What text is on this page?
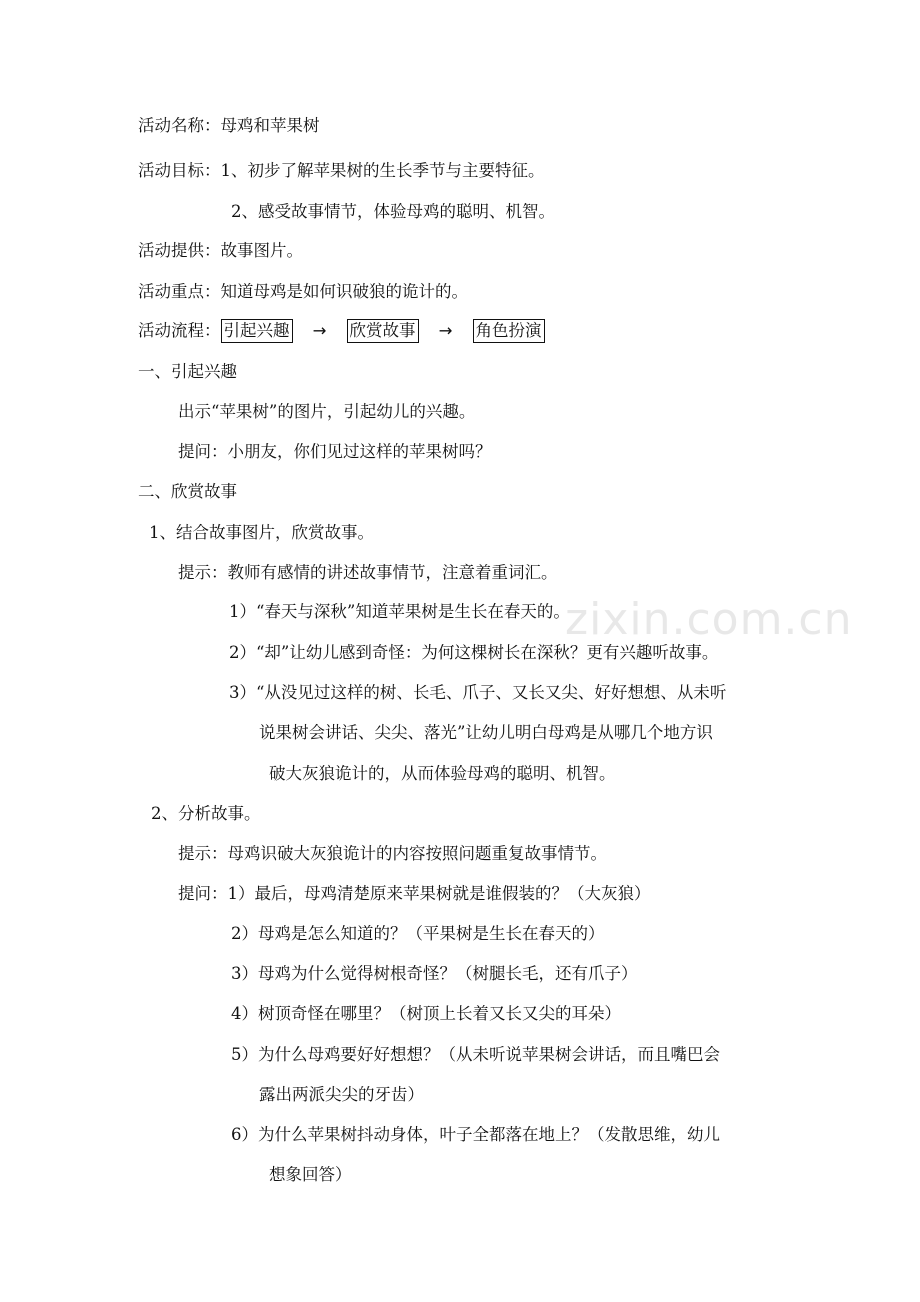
zixin.com.cn
活动名称：母鸡和苹果树
活动目标：1、初步了解苹果树的生长季节与主要特征。
2、感受故事情节，体验母鸡的聪明、机智。
活动提供：故事图片。
活动重点：知道母鸡是如何识破狼的诡计的。
活动流程： 引起兴趣 → 欣赏故事 → 角色扮演
一、引起兴趣
出示“苹果树”的图片，引起幼儿的兴趣。
提问：小朋友，你们见过这样的苹果树吗？
二、欣赏故事
1、结合故事图片，欣赏故事。
提示：教师有感情的讲述故事情节，注意着重词汇。
1）“春天与深秋”知道苹果树是生长在春天的。
2）“却”让幼儿感到奇怪：为何这棵树长在深秋？更有兴趣听故事。
3）“从没见过这样的树、长毛、爪子、又长又尖、好好想想、从未听
说果树会讲话、尖尖、落光”让幼儿明白母鸡是从哪几个地方识
破大灰狼诡计的，从而体验母鸡的聪明、机智。
2、分析故事。
提示：母鸡识破大灰狼诡计的内容按照问题重复故事情节。
提问：1）最后，母鸡清楚原来苹果树就是谁假装的？（大灰狼）
2）母鸡是怎么知道的？（平果树是生长在春天的）
3）母鸡为什么觉得树根奇怪？（树腿长毛，还有爪子）
4）树顶奇怪在哪里？（树顶上长着又长又尖的耳朵）
5）为什么母鸡要好好想想？（从未听说苹果树会讲话，而且嘴巴会
露出两派尖尖的牙齿）
6）为什么苹果树抖动身体，叶子全都落在地上？（发散思维，幼儿
想象回答）
